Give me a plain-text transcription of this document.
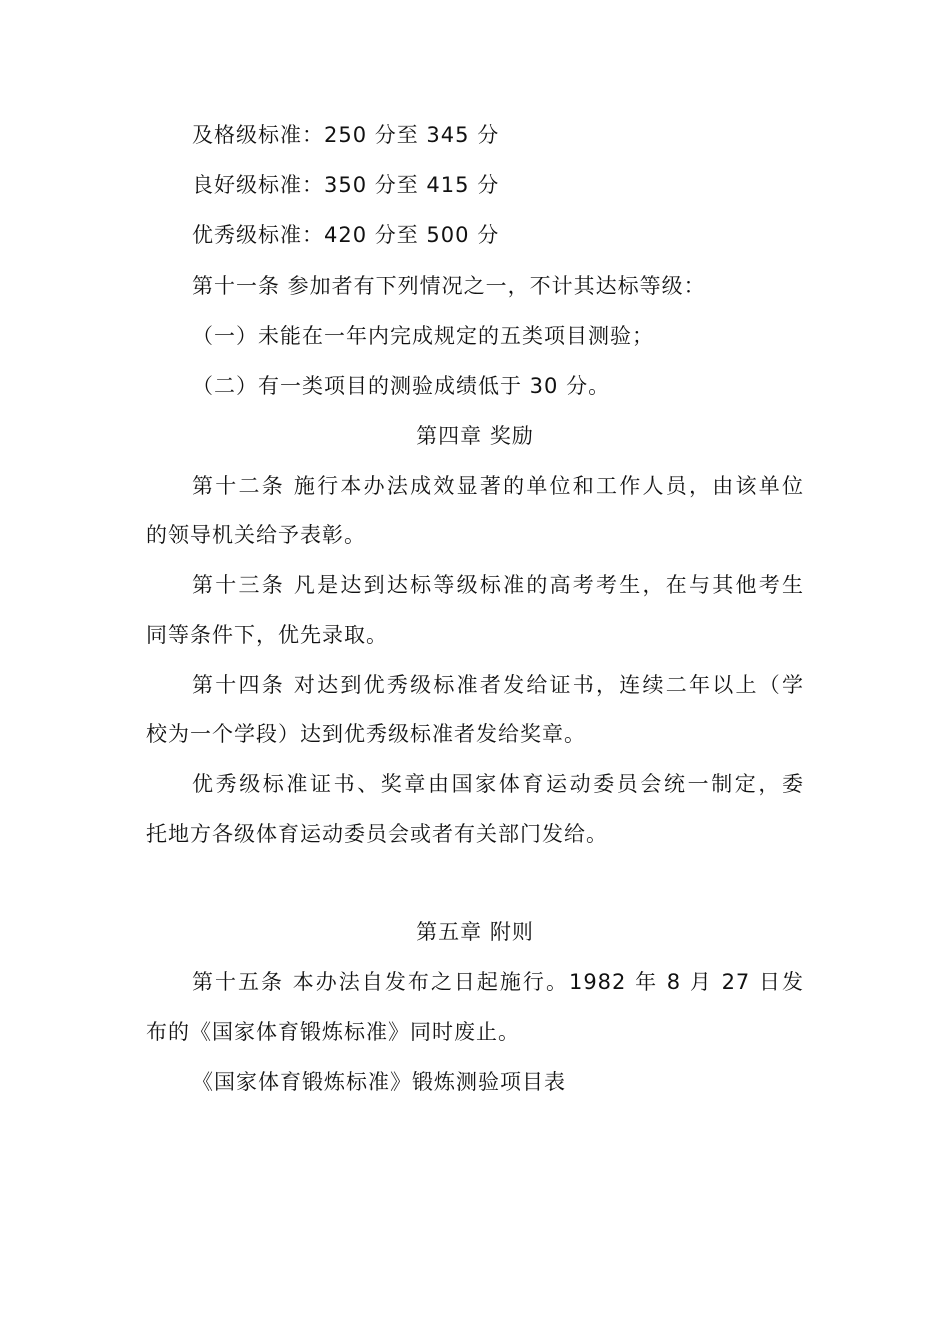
及格级标准：250 分至 345 分
良好级标准：350 分至 415 分
优秀级标准：420 分至 500 分
第十一条 参加者有下列情况之一，不计其达标等级：
（一）未能在一年内完成规定的五类项目测验；
（二）有一类项目的测验成绩低于 30 分。
第四章 奖励
第十二条 施行本办法成效显著的单位和工作人员，由该单位
的领导机关给予表彰。
第十三条 凡是达到达标等级标准的高考考生，在与其他考生
同等条件下，优先录取。
第十四条 对达到优秀级标准者发给证书，连续二年以上（学
校为一个学段）达到优秀级标准者发给奖章。
优秀级标准证书、奖章由国家体育运动委员会统一制定，委
托地方各级体育运动委员会或者有关部门发给。
第五章 附则
第十五条 本办法自发布之日起施行。1982 年 8 月 27 日发
布的《国家体育锻炼标准》同时废止。
《国家体育锻炼标准》锻炼测验项目表
